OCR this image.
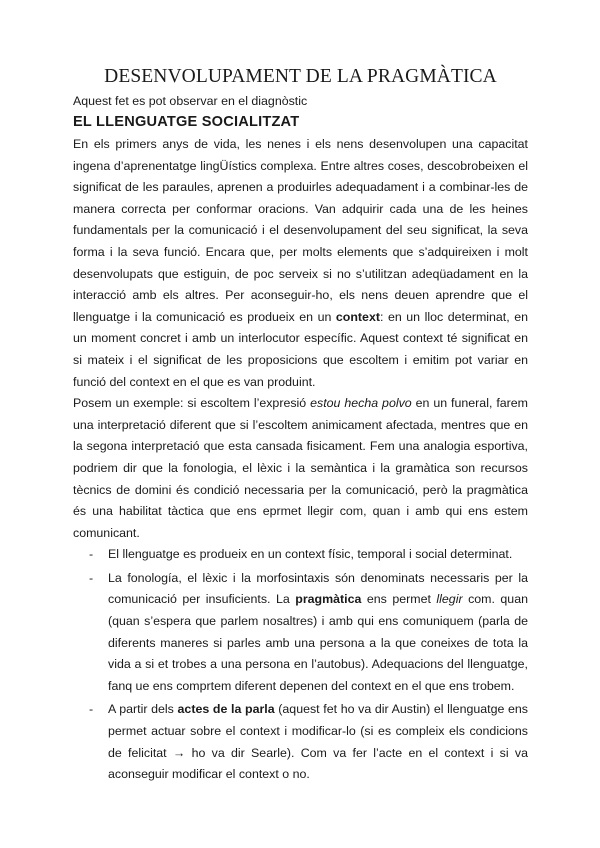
DESENVOLUPAMENT DE LA PRAGMÀTICA
Aquest fet es pot observar en el diagnòstic
EL LLENGUATGE SOCIALITZAT

En els primers anys de vida, les nenes i els nens desenvolupen una capacitat ingena d’aprenentatge lingÜístics complexa. Entre altres coses, descobrobeixen el significat de les paraules, aprenen a produirles adequadament i a combinar-les de manera correcta per conformar oracions. Van adquirir cada una de les heines fundamentals per la comunicació i el desenvolupament del seu significat, la seva forma i la seva funció. Encara que, per molts elements que s’adquireixen i molt desenvolupats que estiguin, de poc serveix si no s’utilitzan adeqüadament en la interacció amb els altres. Per aconseguir-ho, els nens deuen aprendre que el llenguatge i la comunicació es produeix en un context: en un lloc determinat, en un moment concret i amb un interlocutor específic. Aquest context té significat en si mateix i el significat de les proposicions que escoltem i emitim pot variar en funció del context en el que es van produint.

Posem un exemple: si escoltem l’expresió estou hecha polvo en un funeral, farem una interpretació diferent que si l’escoltem animicament afectada, mentres que en la segona interpretació que esta cansada fisicament. Fem una analogia esportiva, podriem dir que la fonologia, el lèxic i la semàntica i la gramàtica son recursos tècnics de domini és condició necessaria per la comunicació, però la pragmàtica és una habilitat tàctica que ens eprmet llegir com, quan i amb qui ens estem comunicant.

- El llenguatge es produeix en un context físic, temporal i social determinat.
- La fonología, el lèxic i la morfosintaxis són denominats necessaris per la comunicació per insuficients. La pragmàtica ens permet llegir com. quan (quan s’espera que parlem nosaltres) i amb qui ens comuniquem (parla de diferents maneres si parles amb una persona a la que coneixes de tota la vida a si et trobes a una persona en l’autobus). Adequacions del llenguatge, fanq ue ens comprtem diferent depenen del context en el que ens trobem.
- A partir dels actes de la parla (aquest fet ho va dir Austin) el llenguatge ens permet actuar sobre el context i modificar-lo (si es compleix els condicions de felicitat → ho va dir Searle). Com va fer l’acte en el context i si va aconseguir modificar el context o no.
